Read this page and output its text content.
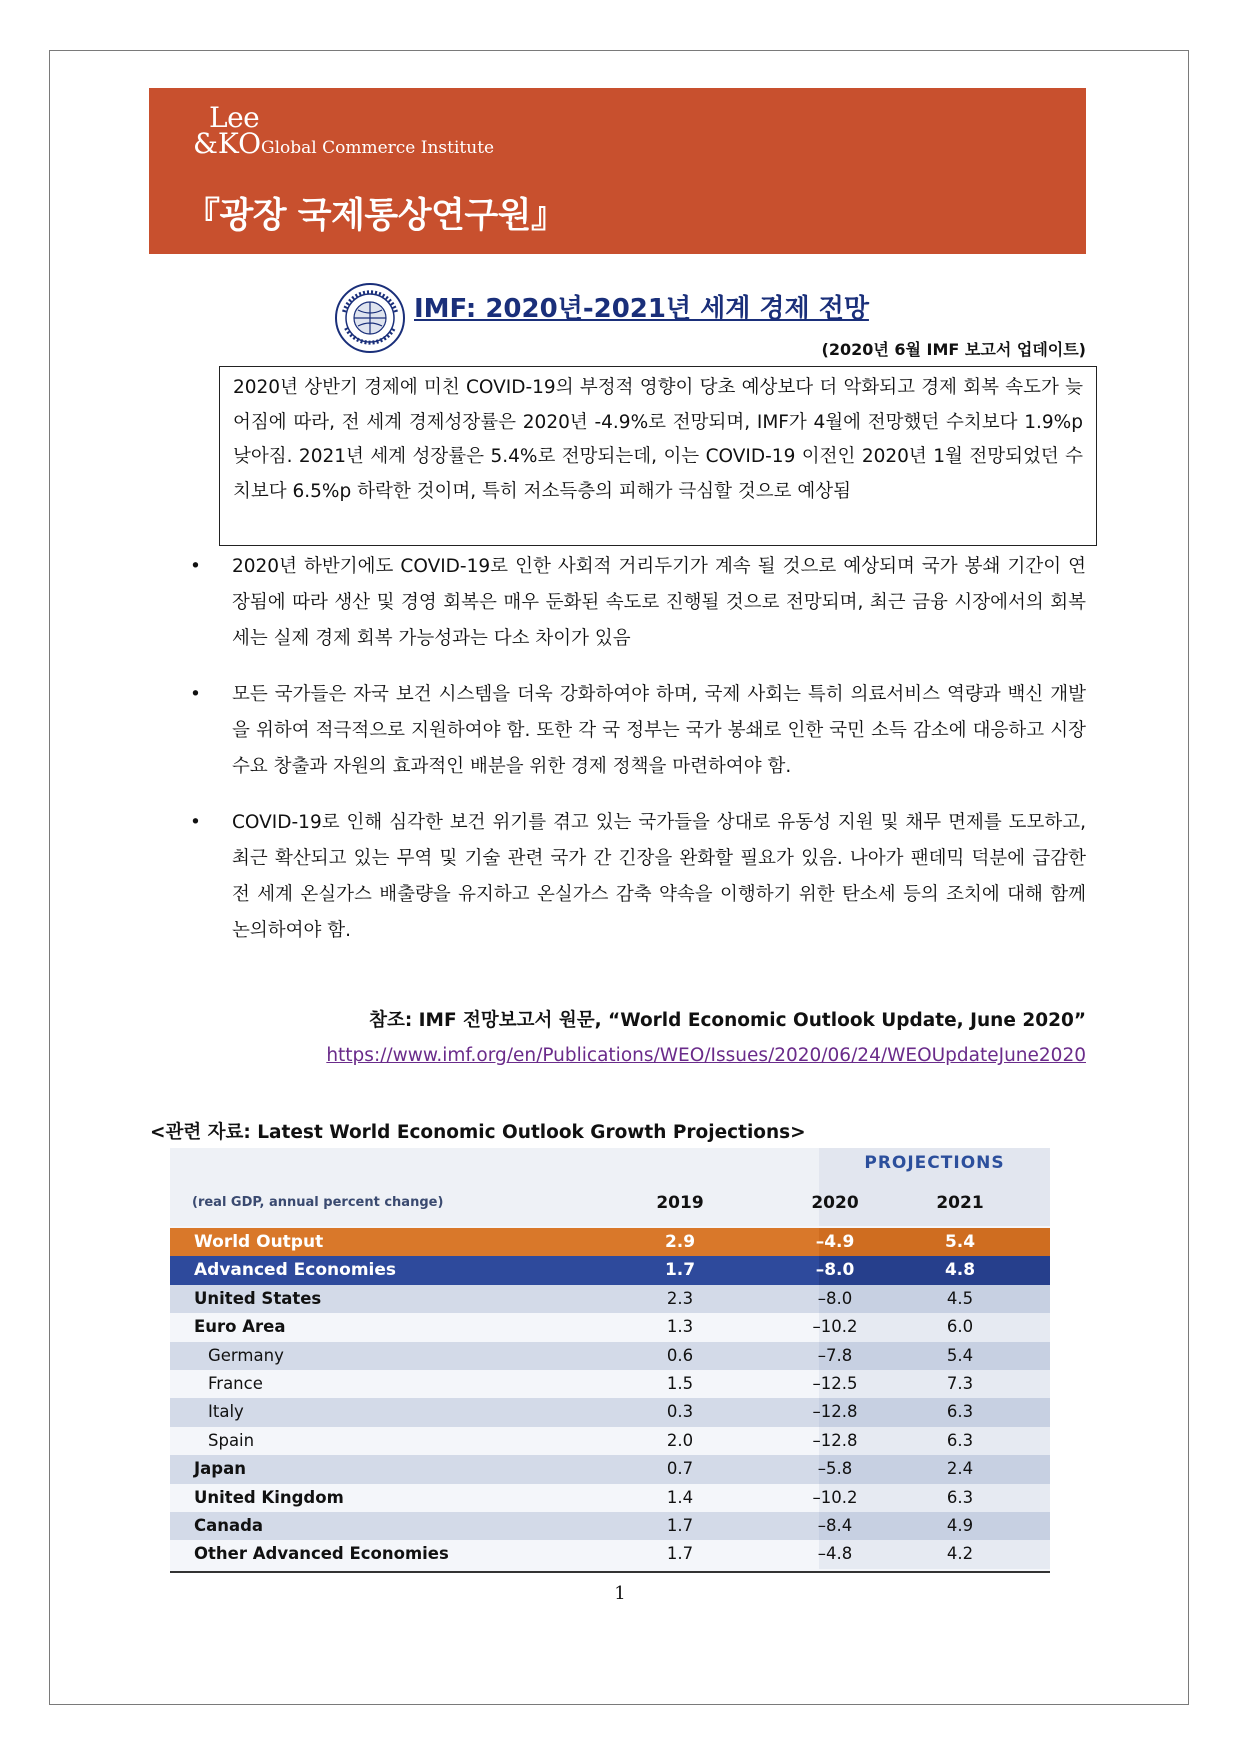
Lee
&KO Global Commerce Institute
『광장 국제통상연구원』
IMF: 2020년-2021년 세계 경제 전망
(2020년 6월 IMF 보고서 업데이트)
2020년 상반기 경제에 미친 COVID-19의 부정적 영향이 당초 예상보다 더 악화되고 경제 회복 속도가 늦어짐에 따라, 전 세계 경제성장률은 2020년 -4.9%로 전망되며, IMF가 4월에 전망했던 수치보다 1.9%p 낮아짐. 2021년 세계 성장률은 5.4%로 전망되는데, 이는 COVID-19 이전인 2020년 1월 전망되었던 수치보다 6.5%p 하락한 것이며, 특히 저소득층의 피해가 극심할 것으로 예상됨
• 2020년 하반기에도 COVID-19로 인한 사회적 거리두기가 계속 될 것으로 예상되며 국가 봉쇄 기간이 연장됨에 따라 생산 및 경영 회복은 매우 둔화된 속도로 진행될 것으로 전망되며, 최근 금융 시장에서의 회복세는 실제 경제 회복 가능성과는 다소 차이가 있음
• 모든 국가들은 자국 보건 시스템을 더욱 강화하여야 하며, 국제 사회는 특히 의료서비스 역량과 백신 개발을 위하여 적극적으로 지원하여야 함. 또한 각 국 정부는 국가 봉쇄로 인한 국민 소득 감소에 대응하고 시장 수요 창출과 자원의 효과적인 배분을 위한 경제 정책을 마련하여야 함.
• COVID-19로 인해 심각한 보건 위기를 겪고 있는 국가들을 상대로 유동성 지원 및 채무 면제를 도모하고, 최근 확산되고 있는 무역 및 기술 관련 국가 간 긴장을 완화할 필요가 있음. 나아가 팬데믹 덕분에 급감한 전 세계 온실가스 배출량을 유지하고 온실가스 감축 약속을 이행하기 위한 탄소세 등의 조치에 대해 함께 논의하여야 함.
참조: IMF 전망보고서 원문, “World Economic Outlook Update, June 2020”
https://www.imf.org/en/Publications/WEO/Issues/2020/06/24/WEOUpdateJune2020
<관련 자료: Latest World Economic Outlook Growth Projections>
PROJECTIONS
(real GDP, annual percent change)	2019	2020	2021
World Output	2.9	–4.9	5.4
Advanced Economies	1.7	–8.0	4.8
United States	2.3	–8.0	4.5
Euro Area	1.3	–10.2	6.0
Germany	0.6	–7.8	5.4
France	1.5	–12.5	7.3
Italy	0.3	–12.8	6.3
Spain	2.0	–12.8	6.3
Japan	0.7	–5.8	2.4
United Kingdom	1.4	–10.2	6.3
Canada	1.7	–8.4	4.9
Other Advanced Economies	1.7	–4.8	4.2
1
